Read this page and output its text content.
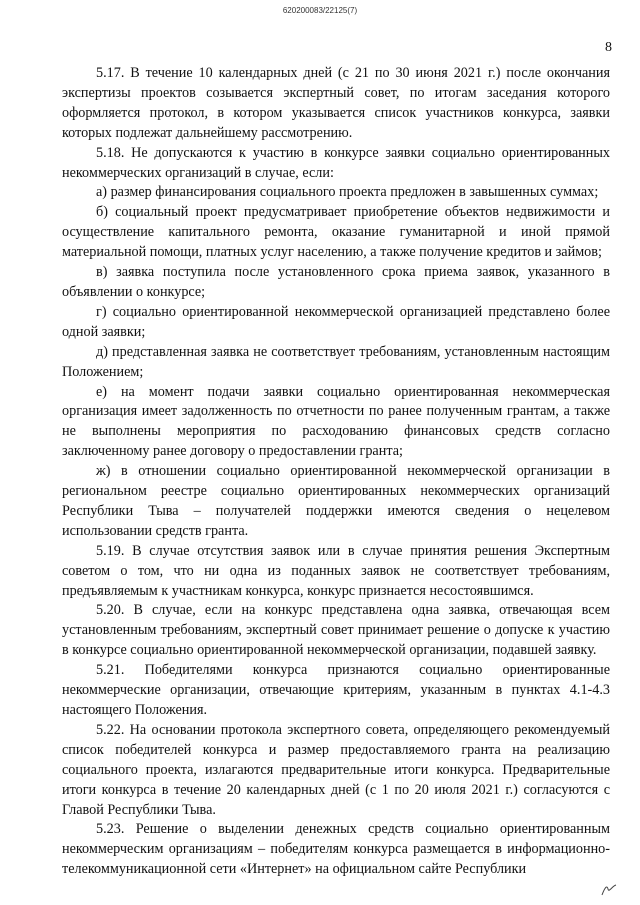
620200083/22125(7)
8

5.17. В течение 10 календарных дней (с 21 по 30 июня 2021 г.) после окончания экспертизы проектов созывается экспертный совет, по итогам заседания которого оформляется протокол, в котором указывается список участников конкурса, заявки которых подлежат дальнейшему рассмотрению.

5.18. Не допускаются к участию в конкурсе заявки социально ориентированных некоммерческих организаций в случае, если:

а) размер финансирования социального проекта предложен в завышенных суммах;

б) социальный проект предусматривает приобретение объектов недвижимости и осуществление капитального ремонта, оказание гуманитарной и иной прямой материальной помощи, платных услуг населению, а также получение кредитов и займов;

в) заявка поступила после установленного срока приема заявок, указанного в объявлении о конкурсе;

г) социально ориентированной некоммерческой организацией представлено более одной заявки;

д) представленная заявка не соответствует требованиям, установленным настоящим Положением;

е) на момент подачи заявки социально ориентированная некоммерческая организация имеет задолженность по отчетности по ранее полученным грантам, а также не выполнены мероприятия по расходованию финансовых средств согласно заключенному ранее договору о предоставлении гранта;

ж) в отношении социально ориентированной некоммерческой организации в региональном реестре социально ориентированных некоммерческих организаций Республики Тыва – получателей поддержки имеются сведения о нецелевом использовании средств гранта.

5.19. В случае отсутствия заявок или в случае принятия решения Экспертным советом о том, что ни одна из поданных заявок не соответствует требованиям, предъявляемым к участникам конкурса, конкурс признается несостоявшимся.

5.20. В случае, если на конкурс представлена одна заявка, отвечающая всем установленным требованиям, экспертный совет принимает решение о допуске к участию в конкурсе социально ориентированной некоммерческой организации, подавшей заявку.

5.21. Победителями конкурса признаются социально ориентированные некоммерческие организации, отвечающие критериям, указанным в пунктах 4.1-4.3 настоящего Положения.

5.22. На основании протокола экспертного совета, определяющего рекомендуемый список победителей конкурса и размер предоставляемого гранта на реализацию социального проекта, излагаются предварительные итоги конкурса. Предварительные итоги конкурса в течение 20 календарных дней (с 1 по 20 июля 2021 г.) согласуются с Главой Республики Тыва.

5.23. Решение о выделении денежных средств социально ориентированным некоммерческим организациям – победителям конкурса размещается в информационно-телекоммуникационной сети «Интернет» на официальном сайте Республики
